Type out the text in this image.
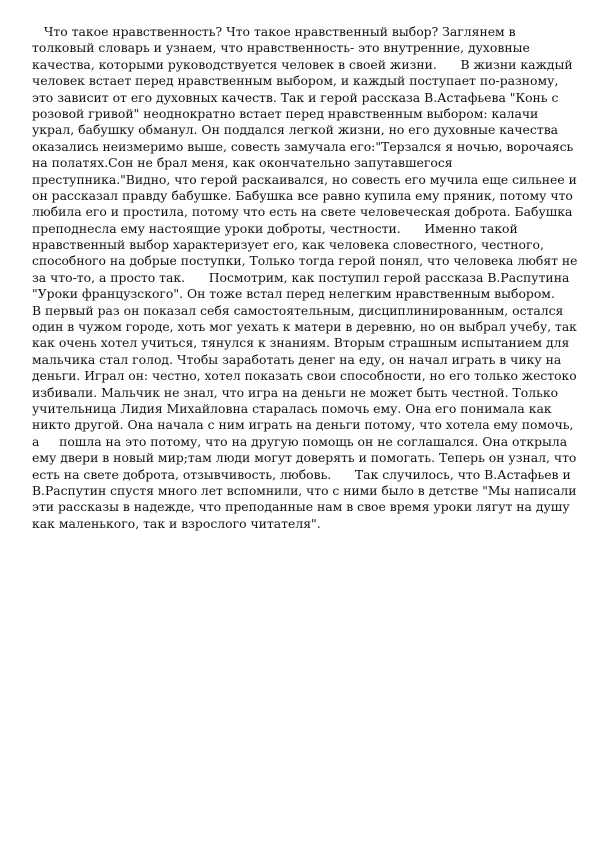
Что такое нравственность? Что такое нравственный выбор? Заглянем в
толковый словарь и узнаем, что нравственность- это внутренние, духовные
качества, которыми руководствуется человек в своей жизни.      В жизни каждый
человек встает перед нравственным выбором, и каждый поступает по-разному,
это зависит от его духовных качеств. Так и герой рассказа В.Астафьева "Конь с
розовой гривой" неоднократно встает перед нравственным выбором: калачи
украл, бабушку обманул. Он поддался легкой жизни, но его духовные качества
оказались неизмеримо выше, совесть замучала его:"Терзался я ночью, ворочаясь
на полатях.Сон не брал меня, как окончательно запутавшегося
преступника."Видно, что герой раскаивался, но совесть его мучила еще сильнее и
он рассказал правду бабушке. Бабушка все равно купила ему пряник, потому что
любила его и простила, потому что есть на свете человеческая доброта. Бабушка
преподнесла ему настоящие уроки доброты, честности.      Именно такой
нравственный выбор характеризует его, как человека словестного, честного,
способного на добрые поступки, Только тогда герой понял, что человека любят не
за что-то, а просто так.      Посмотрим, как поступил герой рассказа В.Распутина
"Уроки французского". Он тоже встал перед нелегким нравственным выбором.
В первый раз он показал себя самостоятельным, дисциплинированным, остался
один в чужом городе, хоть мог уехать к матери в деревню, но он выбрал учебу, так
как очень хотел учиться, тянулся к знаниям. Вторым страшным испытанием для
мальчика стал голод. Чтобы заработать денег на еду, он начал играть в чику на
деньги. Играл он: честно, хотел показать свои способности, но его только жестоко
избивали. Мальчик не знал, что игра на деньги не может быть честной. Только
учительница Лидия Михайловна старалась помочь ему. Она его понимала как
никто другой. Она начала с ним играть на деньги потому, что хотела ему помочь,
а     пошла на это потому, что на другую помощь он не соглашался. Она открыла
ему двери в новый мир;там люди могут доверять и помогать. Теперь он узнал, что
есть на свете доброта, отзывчивость, любовь.      Так случилось, что В.Астафьев и
В.Распутин спустя много лет вспомнили, что с ними было в детстве "Мы написали
эти рассказы в надежде, что преподанные нам в свое время уроки лягут на душу
как маленького, так и взрослого читателя".
